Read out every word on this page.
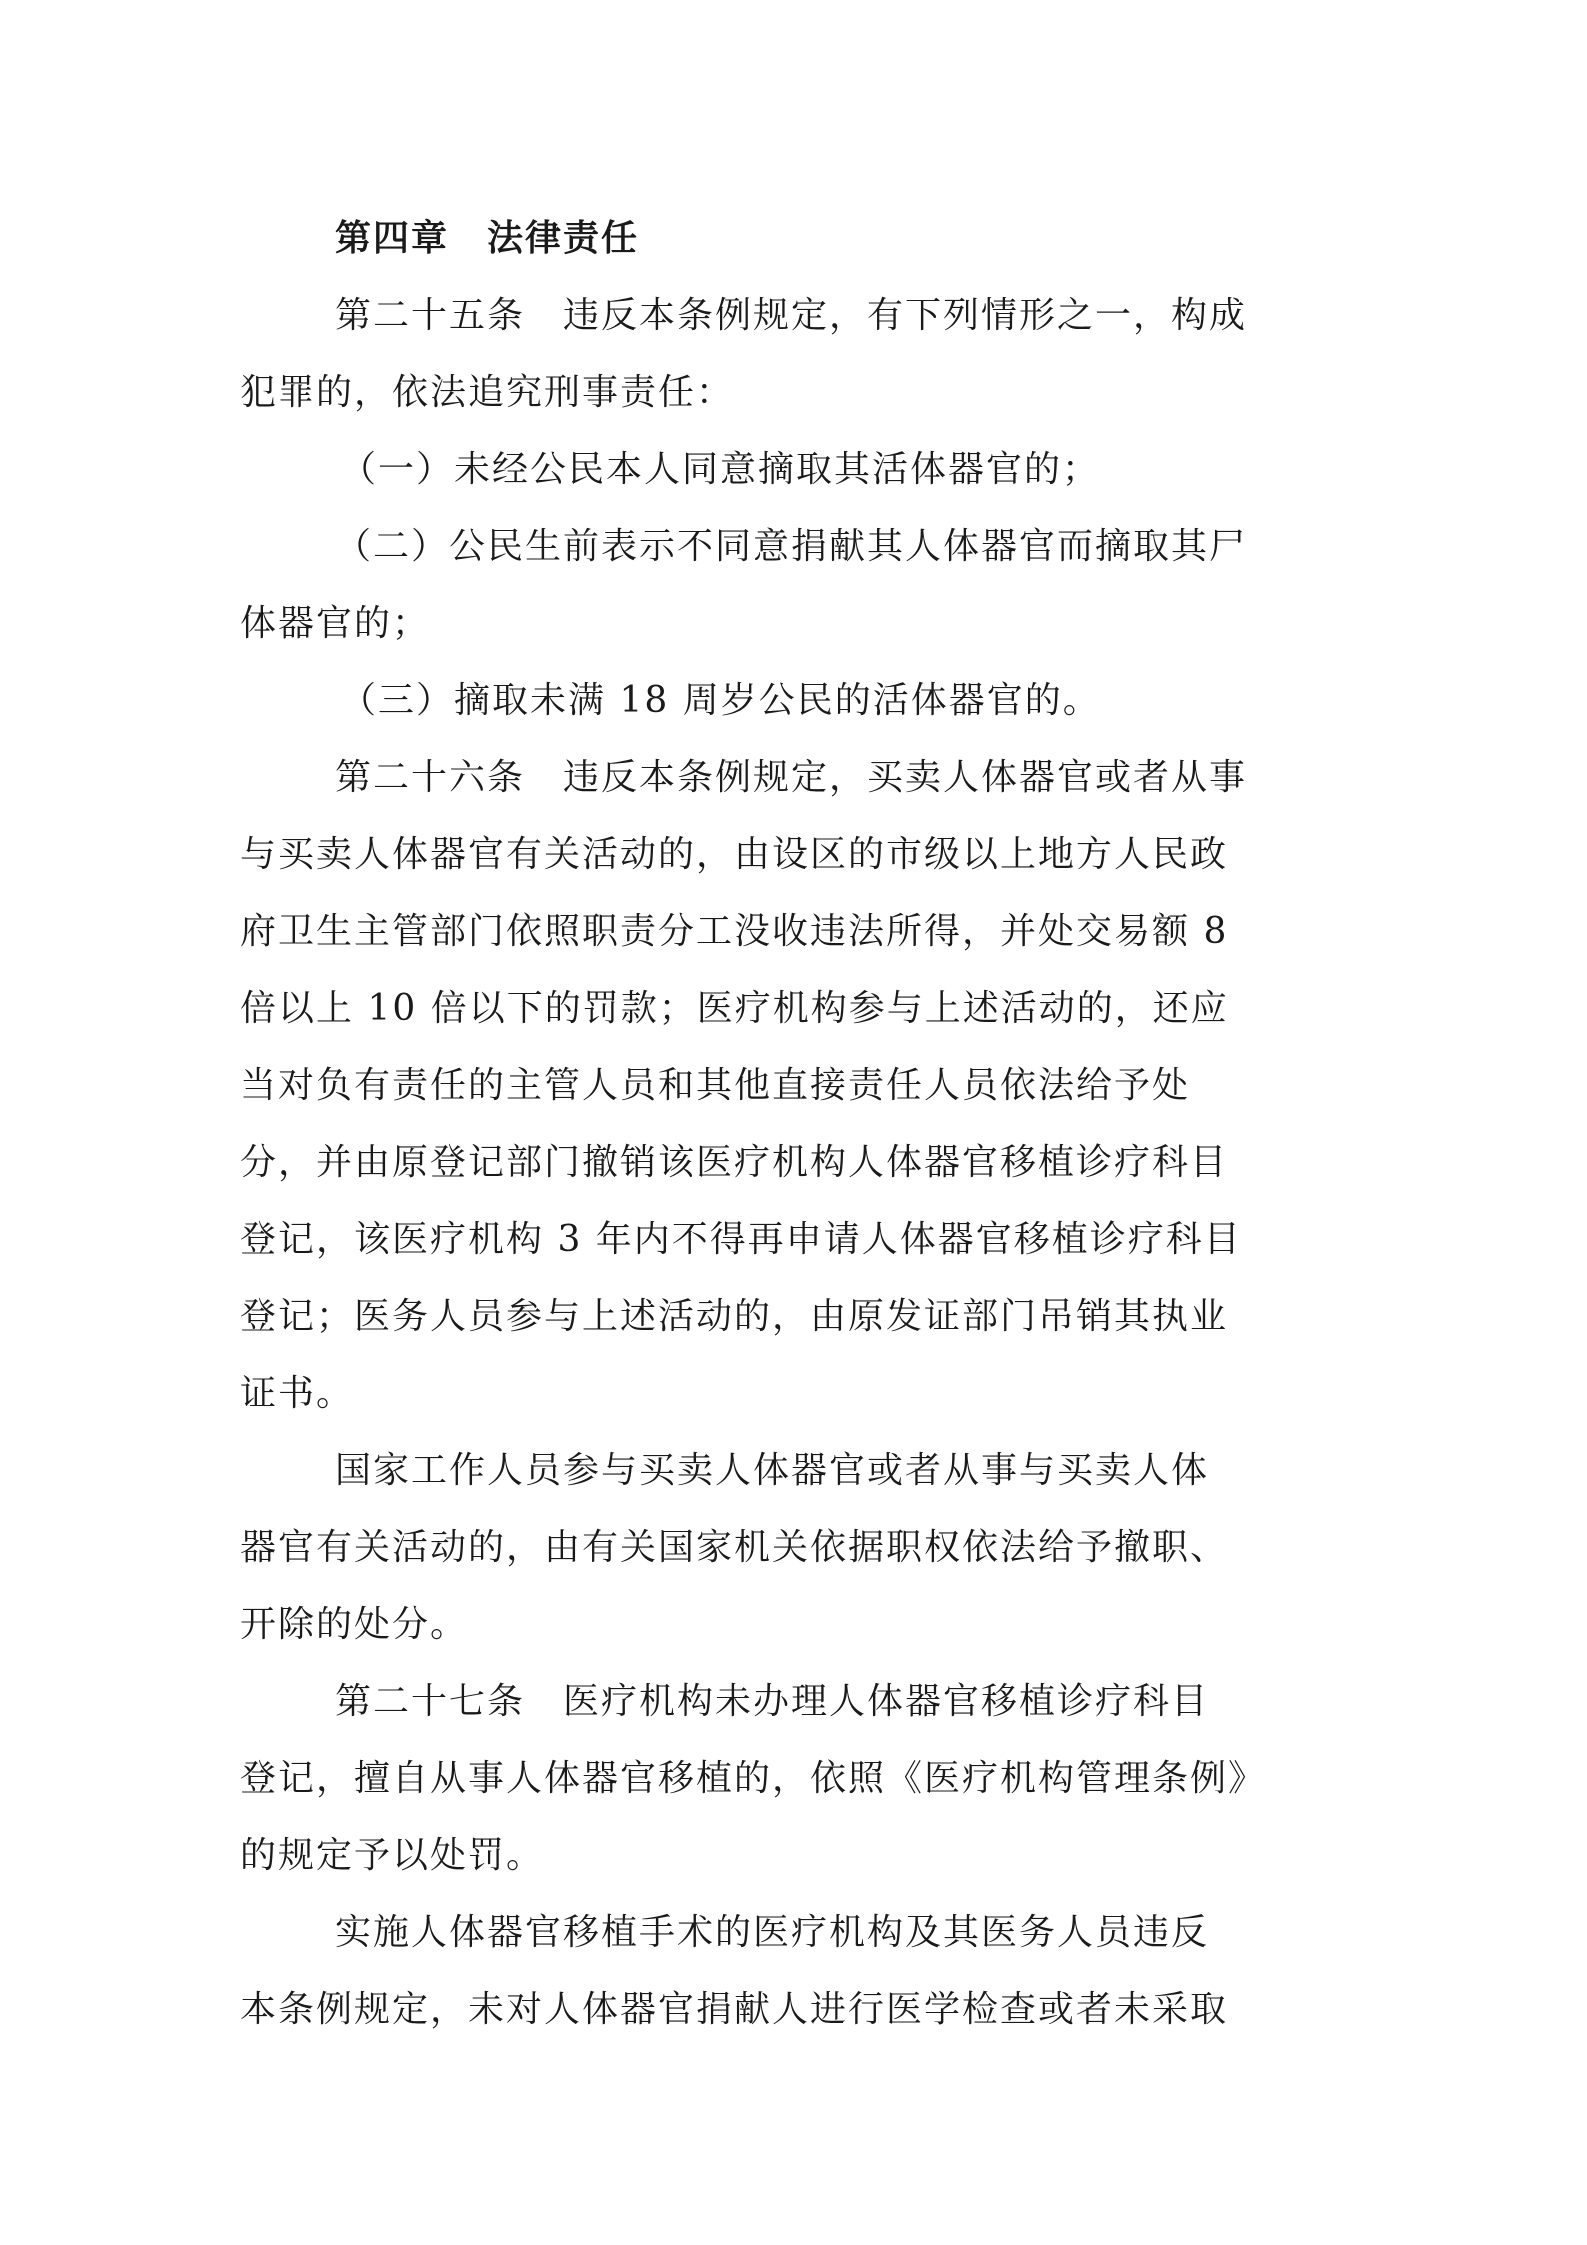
第四章　法律责任
第二十五条　违反本条例规定，有下列情形之一，构成
犯罪的，依法追究刑事责任：
（一）未经公民本人同意摘取其活体器官的；
（二）公民生前表示不同意捐献其人体器官而摘取其尸
体器官的；
（三）摘取未满 18 周岁公民的活体器官的。
第二十六条　违反本条例规定，买卖人体器官或者从事
与买卖人体器官有关活动的，由设区的市级以上地方人民政
府卫生主管部门依照职责分工没收违法所得，并处交易额 8
倍以上 10 倍以下的罚款；医疗机构参与上述活动的，还应
当对负有责任的主管人员和其他直接责任人员依法给予处
分，并由原登记部门撤销该医疗机构人体器官移植诊疗科目
登记，该医疗机构 3 年内不得再申请人体器官移植诊疗科目
登记；医务人员参与上述活动的，由原发证部门吊销其执业
证书。
国家工作人员参与买卖人体器官或者从事与买卖人体
器官有关活动的，由有关国家机关依据职权依法给予撤职、
开除的处分。
第二十七条　医疗机构未办理人体器官移植诊疗科目
登记，擅自从事人体器官移植的，依照《医疗机构管理条例》
的规定予以处罚。
实施人体器官移植手术的医疗机构及其医务人员违反
本条例规定，未对人体器官捐献人进行医学检查或者未采取
